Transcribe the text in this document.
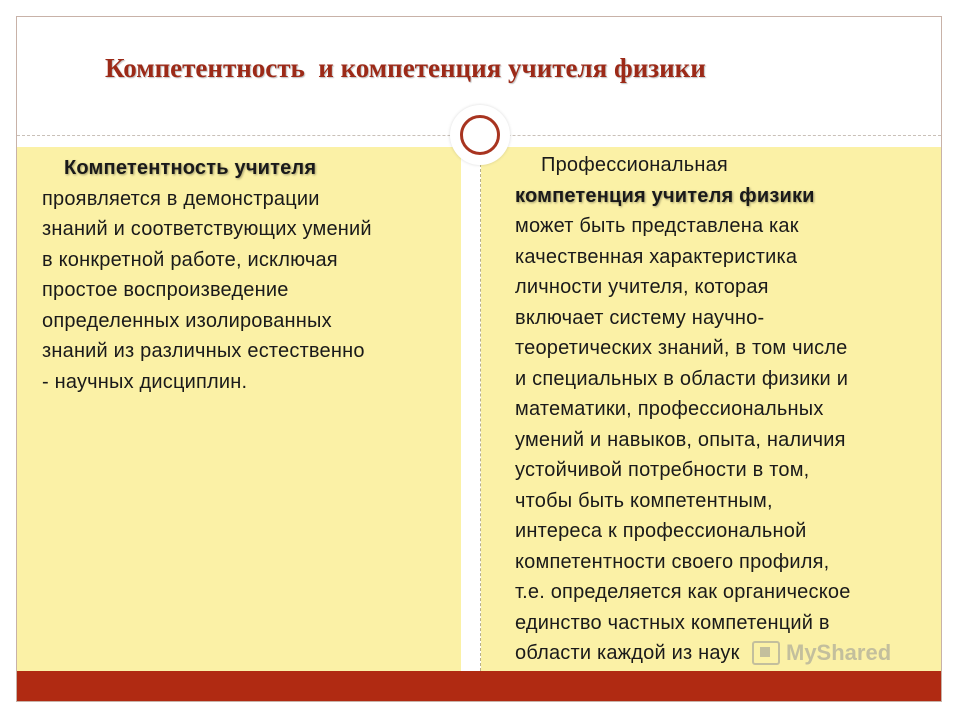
Компетентность  и компетенция учителя физики
Компетентность учителя
проявляется в демонстрации
знаний и соответствующих умений
в конкретной работе, исключая
простое воспроизведение
определенных изолированных
знаний из различных естественно
- научных дисциплин.
Профессиональная
компетенция учителя физики
может быть представлена как
качественная характеристика
личности учителя, которая
включает систему научно-
теоретических знаний, в том числе
и специальных в области физики и
математики, профессиональных
умений и навыков, опыта, наличия
устойчивой потребности в том,
чтобы быть компетентным,
интереса к профессиональной
компетентности своего профиля,
т.е. определяется как органическое
единство частных компетенций в
области каждой из наук	MyShared
